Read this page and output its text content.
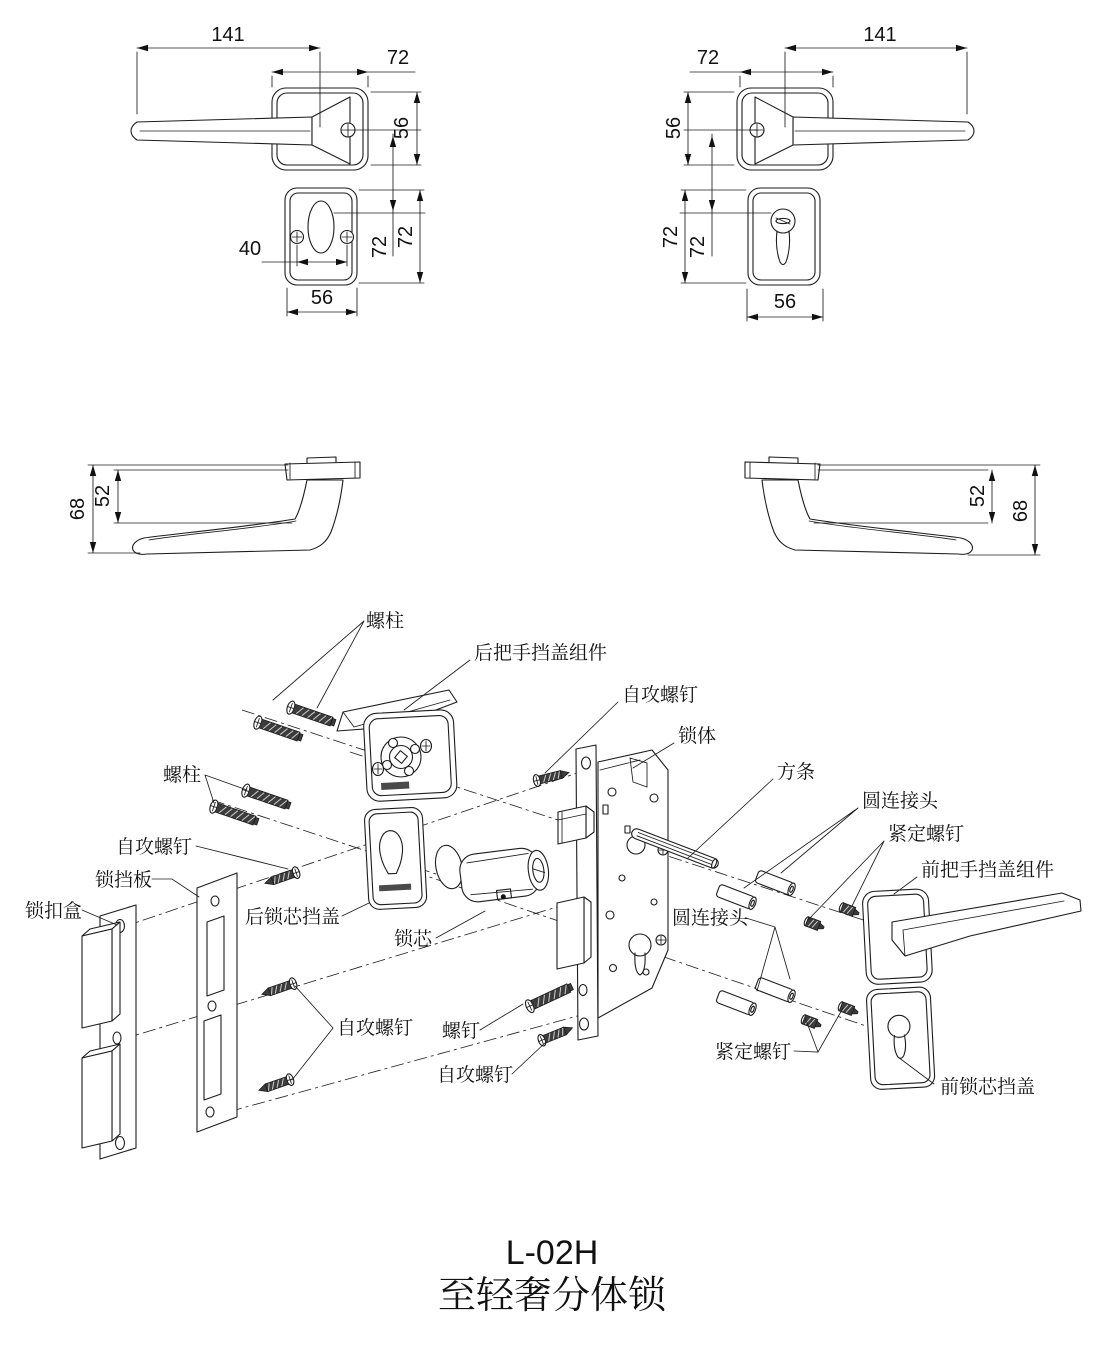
141
72
56
72 72
40
56
141
72
56
72
72
56
68
52	52
68
螺柱
后把手挡盖组件
自攻螺钉
锁体
方条
圆连接头
紧定螺钉
前把手挡盖组件
圆连接头
紧定螺钉
前锁芯挡盖
锁芯
螺钉
自攻螺钉
后锁芯挡盖
锁挡板
锁扣盒
自攻螺钉
螺柱
自攻螺钉
L-02H
至轻奢分体锁
